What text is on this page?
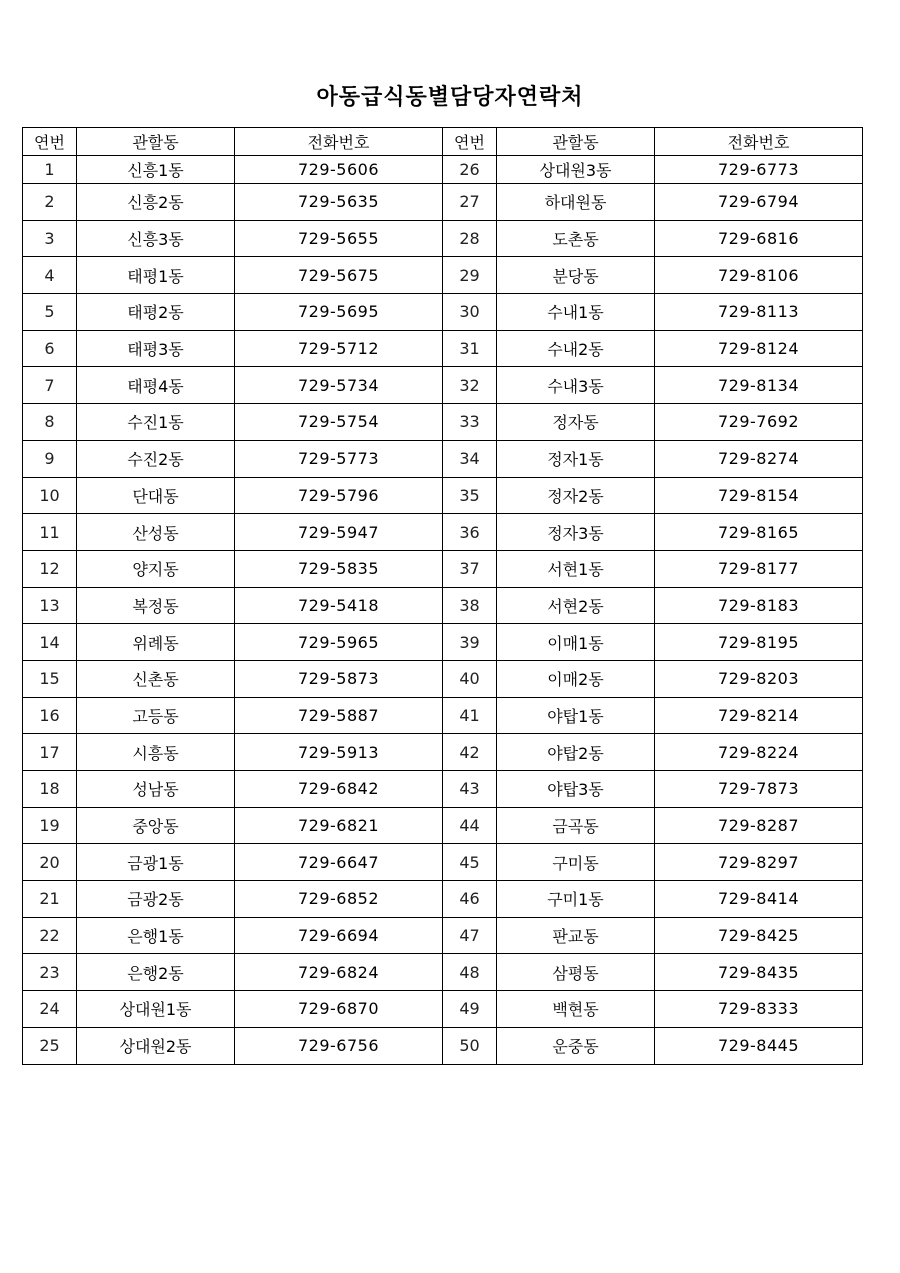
아동급식동별담당자연락처
연번	관할동	전화번호	연번	관할동	전화번호
1	신흥1동	729-5606	26	상대원3동	729-6773
2	신흥2동	729-5635	27	하대원동	729-6794
3	신흥3동	729-5655	28	도촌동	729-6816
4	태평1동	729-5675	29	분당동	729-8106
5	태평2동	729-5695	30	수내1동	729-8113
6	태평3동	729-5712	31	수내2동	729-8124
7	태평4동	729-5734	32	수내3동	729-8134
8	수진1동	729-5754	33	정자동	729-7692
9	수진2동	729-5773	34	정자1동	729-8274
10	단대동	729-5796	35	정자2동	729-8154
11	산성동	729-5947	36	정자3동	729-8165
12	양지동	729-5835	37	서현1동	729-8177
13	복정동	729-5418	38	서현2동	729-8183
14	위례동	729-5965	39	이매1동	729-8195
15	신촌동	729-5873	40	이매2동	729-8203
16	고등동	729-5887	41	야탑1동	729-8214
17	시흥동	729-5913	42	야탑2동	729-8224
18	성남동	729-6842	43	야탑3동	729-7873
19	중앙동	729-6821	44	금곡동	729-8287
20	금광1동	729-6647	45	구미동	729-8297
21	금광2동	729-6852	46	구미1동	729-8414
22	은행1동	729-6694	47	판교동	729-8425
23	은행2동	729-6824	48	삼평동	729-8435
24	상대원1동	729-6870	49	백현동	729-8333
25	상대원2동	729-6756	50	운중동	729-8445
